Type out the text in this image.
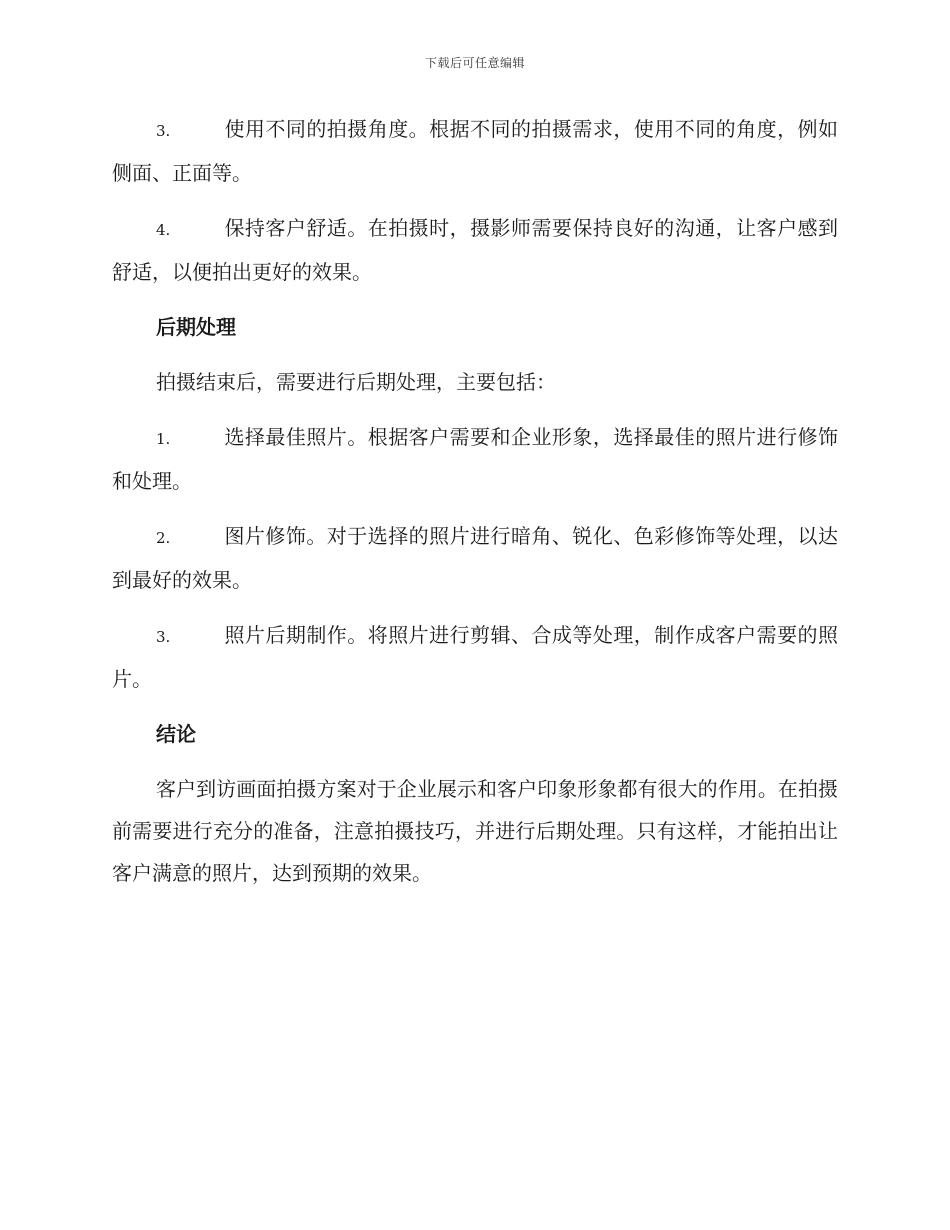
下载后可任意编辑

3.	使用不同的拍摄角度。根据不同的拍摄需求，使用不同的角度，例如侧面、正面等。

4.	保持客户舒适。在拍摄时，摄影师需要保持良好的沟通，让客户感到舒适，以便拍出更好的效果。

后期处理

拍摄结束后，需要进行后期处理，主要包括：

1.	选择最佳照片。根据客户需要和企业形象，选择最佳的照片进行修饰和处理。

2.	图片修饰。对于选择的照片进行暗角、锐化、色彩修饰等处理，以达到最好的效果。

3.	照片后期制作。将照片进行剪辑、合成等处理，制作成客户需要的照片。

结论

客户到访画面拍摄方案对于企业展示和客户印象形象都有很大的作用。在拍摄前需要进行充分的准备，注意拍摄技巧，并进行后期处理。只有这样，才能拍出让客户满意的照片，达到预期的效果。
